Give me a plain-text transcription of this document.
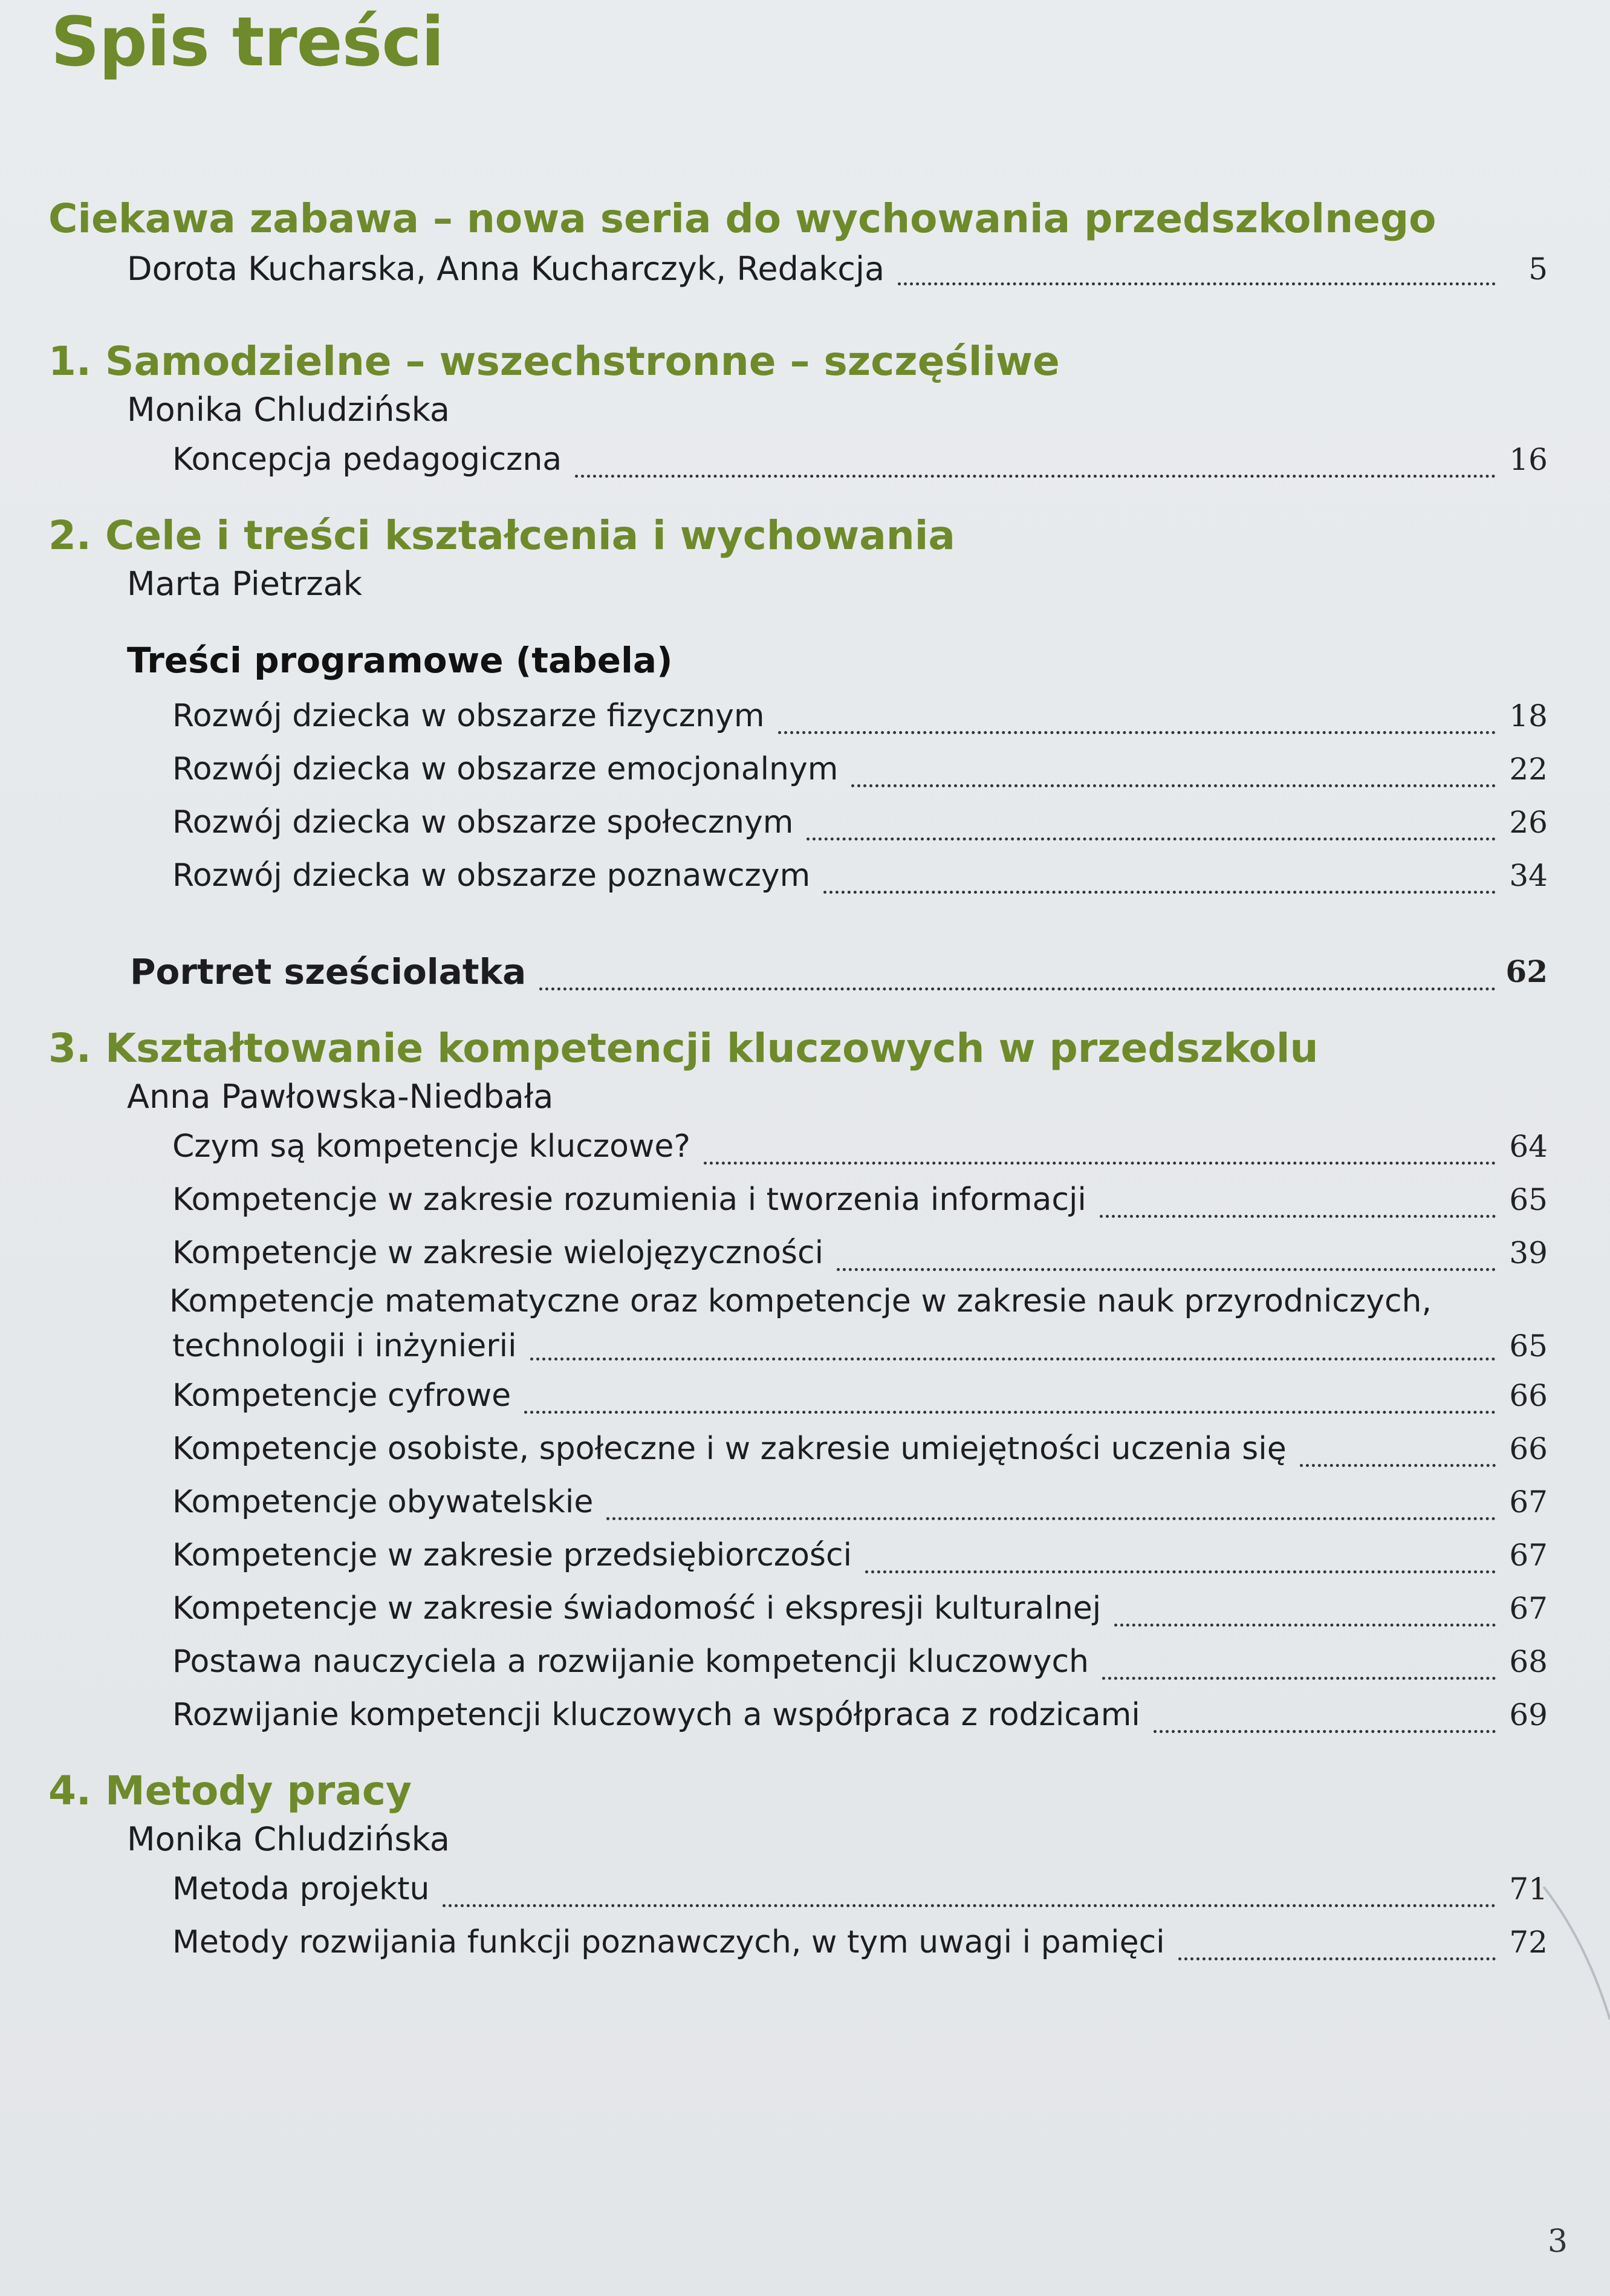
Spis treści
Ciekawa zabawa – nowa seria do wychowania przedszkolnego
Dorota Kucharska, Anna Kucharczyk, Redakcja	5
1. Samodzielne – wszechstronne – szczęśliwe
Monika Chludzińska
Koncepcja pedagogiczna	16
2. Cele i treści kształcenia i wychowania
Marta Pietrzak
Treści programowe (tabela)
Rozwój dziecka w obszarze fizycznym	18
Rozwój dziecka w obszarze emocjonalnym	22
Rozwój dziecka w obszarze społecznym	26
Rozwój dziecka w obszarze poznawczym	34
Portret sześciolatka	62
3. Kształtowanie kompetencji kluczowych w przedszkolu
Anna Pawłowska-Niedbała
Czym są kompetencje kluczowe?	64
Kompetencje w zakresie rozumienia i tworzenia informacji	65
Kompetencje w zakresie wielojęzyczności	39
Kompetencje matematyczne oraz kompetencje w zakresie nauk przyrodniczych,
technologii i inżynierii	65
Kompetencje cyfrowe	66
Kompetencje osobiste, społeczne i w zakresie umiejętności uczenia się	66
Kompetencje obywatelskie	67
Kompetencje w zakresie przedsiębiorczości	67
Kompetencje w zakresie świadomość i ekspresji kulturalnej	67
Postawa nauczyciela a rozwijanie kompetencji kluczowych	68
Rozwijanie kompetencji kluczowych a współpraca z rodzicami	69
4. Metody pracy
Monika Chludzińska
Metoda projektu	71
Metody rozwijania funkcji poznawczych, w tym uwagi i pamięci	72
3
